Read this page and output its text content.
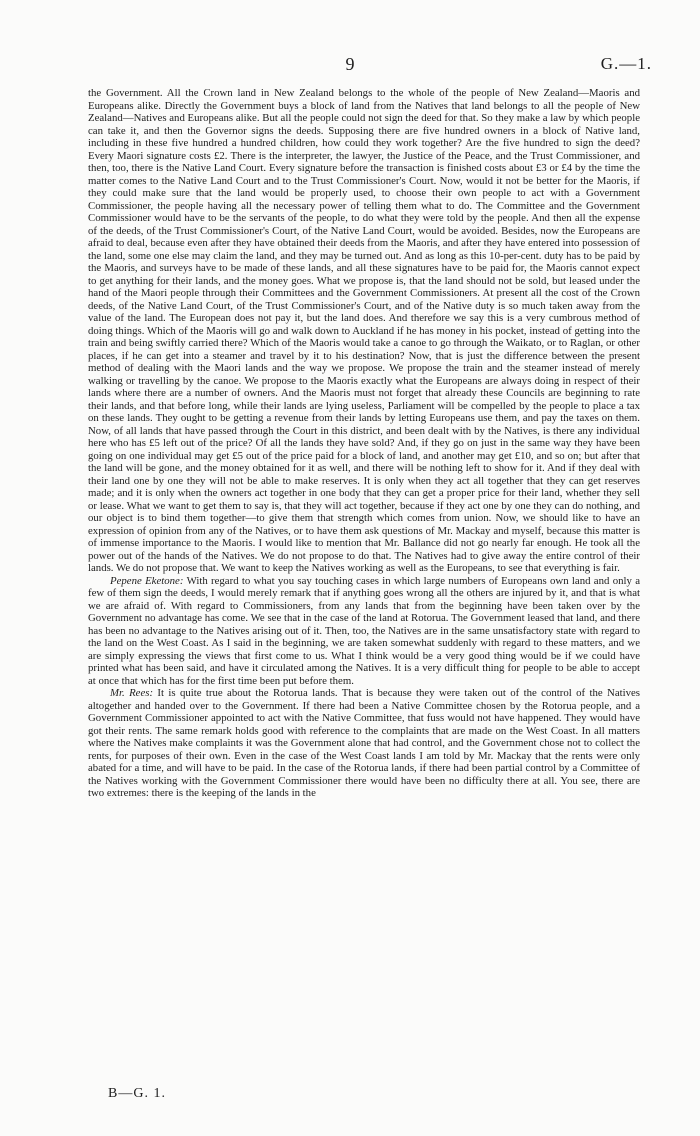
9	G.—1.

the Government. All the Crown land in New Zealand belongs to the whole of the people of New Zealand—Maoris and Europeans alike. Directly the Government buys a block of land from the Natives that land belongs to all the people of New Zealand—Natives and Europeans alike. But all the people could not sign the deed for that. So they make a law by which people can take it, and then the Governor signs the deeds. Supposing there are five hundred owners in a block of Native land, including in these five hundred a hundred children, how could they work together? Are the five hundred to sign the deed? Every Maori signature costs £2. There is the interpreter, the lawyer, the Justice of the Peace, and the Trust Commissioner, and then, too, there is the Native Land Court. Every signature before the transaction is finished costs about £3 or £4 by the time the matter comes to the Native Land Court and to the Trust Commissioner's Court. Now, would it not be better for the Maoris, if they could make sure that the land would be properly used, to choose their own people to act with a Government Commissioner, the people having all the necessary power of telling them what to do. The Committee and the Government Commissioner would have to be the servants of the people, to do what they were told by the people. And then all the expense of the deeds, of the Trust Commissioner's Court, of the Native Land Court, would be avoided. Besides, now the Europeans are afraid to deal, because even after they have obtained their deeds from the Maoris, and after they have entered into possession of the land, some one else may claim the land, and they may be turned out. And as long as this 10-per-cent. duty has to be paid by the Maoris, and surveys have to be made of these lands, and all these signatures have to be paid for, the Maoris cannot expect to get anything for their lands, and the money goes. What we propose is, that the land should not be sold, but leased under the hand of the Maori people through their Committees and the Government Commissioners. At present all the cost of the Crown deeds, of the Native Land Court, of the Trust Commissioner's Court, and of the Native duty is so much taken away from the value of the land. The European does not pay it, but the land does. And therefore we say this is a very cumbrous method of doing things. Which of the Maoris will go and walk down to Auckland if he has money in his pocket, instead of getting into the train and being swiftly carried there? Which of the Maoris would take a canoe to go through the Waikato, or to Raglan, or other places, if he can get into a steamer and travel by it to his destination? Now, that is just the difference between the present method of dealing with the Maori lands and the way we propose. We propose the train and the steamer instead of merely walking or travelling by the canoe. We propose to the Maoris exactly what the Europeans are always doing in respect of their lands where there are a number of owners. And the Maoris must not forget that already these Councils are beginning to rate their lands, and that before long, while their lands are lying useless, Parliament will be compelled by the people to place a tax on these lands. They ought to be getting a revenue from their lands by letting Europeans use them, and pay the taxes on them. Now, of all lands that have passed through the Court in this district, and been dealt with by the Natives, is there any individual here who has £5 left out of the price? Of all the lands they have sold? And, if they go on just in the same way they have been going on one individual may get £5 out of the price paid for a block of land, and another may get £10, and so on; but after that the land will be gone, and the money obtained for it as well, and there will be nothing left to show for it. And if they deal with their land one by one they will not be able to make reserves. It is only when they act all together that they can get reserves made; and it is only when the owners act together in one body that they can get a proper price for their land, whether they sell or lease. What we want to get them to say is, that they will act together, because if they act one by one they can do nothing, and our object is to bind them together—to give them that strength which comes from union. Now, we should like to have an expression of opinion from any of the Natives, or to have them ask questions of Mr. Mackay and myself, because this matter is of immense importance to the Maoris. I would like to mention that Mr. Ballance did not go nearly far enough. He took all the power out of the hands of the Natives. We do not propose to do that. The Natives had to give away the entire control of their lands. We do not propose that. We want to keep the Natives working as well as the Europeans, to see that everything is fair.

Pepene Eketone: With regard to what you say touching cases in which large numbers of Europeans own land and only a few of them sign the deeds, I would merely remark that if anything goes wrong all the others are injured by it, and that is what we are afraid of. With regard to Commissioners, from any lands that from the beginning have been taken over by the Government no advantage has come. We see that in the case of the land at Rotorua. The Government leased that land, and there has been no advantage to the Natives arising out of it. Then, too, the Natives are in the same unsatisfactory state with regard to the land on the West Coast. As I said in the beginning, we are taken somewhat suddenly with regard to these matters, and we are simply expressing the views that first come to us. What I think would be a very good thing would be if we could have printed what has been said, and have it circulated among the Natives. It is a very difficult thing for people to be able to accept at once that which has for the first time been put before them.

Mr. Rees: It is quite true about the Rotorua lands. That is because they were taken out of the control of the Natives altogether and handed over to the Government. If there had been a Native Committee chosen by the Rotorua people, and a Government Commissioner appointed to act with the Native Committee, that fuss would not have happened. They would have got their rents. The same remark holds good with reference to the complaints that are made on the West Coast. In all matters where the Natives make complaints it was the Government alone that had control, and the Government chose not to collect the rents, for purposes of their own. Even in the case of the West Coast lands I am told by Mr. Mackay that the rents were only abated for a time, and will have to be paid. In the case of the Rotorua lands, if there had been partial control by a Committee of the Natives working with the Government Commissioner there would have been no difficulty there at all. You see, there are two extremes: there is the keeping of the lands in the

B—G. 1.
